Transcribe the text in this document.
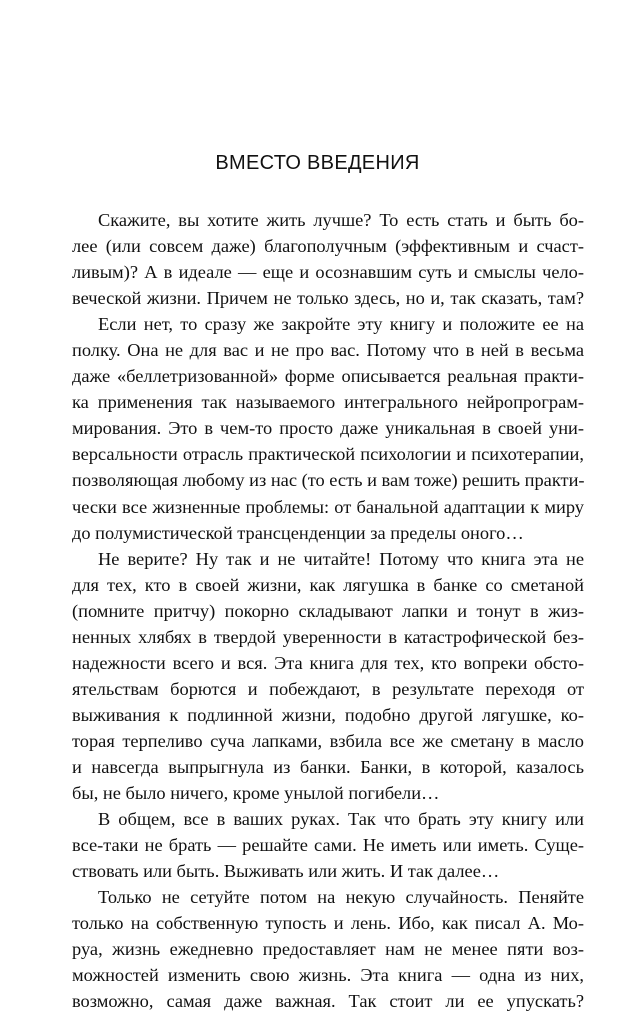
ВМЕСТО ВВЕДЕНИЯ

Скажите, вы хотите жить лучше? То есть стать и быть бо-
лее (или совсем даже) благополучным (эффективным и счаст-
ливым)? А в идеале — еще и осознавшим суть и смыслы чело-
веческой жизни. Причем не только здесь, но и, так сказать, там?

Если нет, то сразу же закройте эту книгу и положите ее на
полку. Она не для вас и не про вас. Потому что в ней в весьма
даже «беллетризованной» форме описывается реальная практи-
ка применения так называемого интегрального нейропрограм-
мирования. Это в чем-то просто даже уникальная в своей уни-
версальности отрасль практической психологии и психотерапии,
позволяющая любому из нас (то есть и вам тоже) решить практи-
чески все жизненные проблемы: от банальной адаптации к миру
до полумистической трансценденции за пределы оного…

Не верите? Ну так и не читайте! Потому что книга эта не
для тех, кто в своей жизни, как лягушка в банке со сметаной
(помните притчу) покорно складывают лапки и тонут в жиз-
ненных хлябях в твердой уверенности в катастрофической без-
надежности всего и вся. Эта книга для тех, кто вопреки обсто-
ятельствам борются и побеждают, в результате переходя от
выживания к подлинной жизни, подобно другой лягушке, ко-
торая терпеливо суча лапками, взбила все же сметану в масло
и навсегда выпрыгнула из банки. Банки, в которой, казалось
бы, не было ничего, кроме унылой погибели…

В общем, все в ваших руках. Так что брать эту книгу или
все-таки не брать — решайте сами. Не иметь или иметь. Суще-
ствовать или быть. Выживать или жить. И так далее…

Только не сетуйте потом на некую случайность. Пеняйте
только на собственную тупость и лень. Ибо, как писал А. Мо-
руа, жизнь ежедневно предоставляет нам не менее пяти воз-
можностей изменить свою жизнь. Эта книга — одна из них,
возможно, самая даже важная. Так стоит ли ее упускать?
